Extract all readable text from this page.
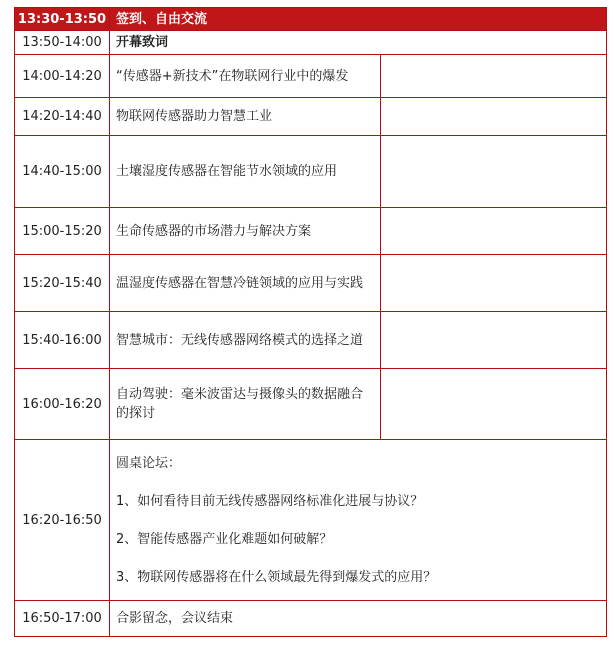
13:30-13:50	签到、自由交流	
13:50-14:00	开幕致词	
14:00-14:20	“传感器+新技术”在物联网行业中的爆发	
14:20-14:40	物联网传感器助力智慧工业	
14:40-15:00	土壤湿度传感器在智能节水领域的应用	
15:00-15:20	生命传感器的市场潜力与解决方案	
15:20-15:40	温湿度传感器在智慧冷链领域的应用与实践	
15:40-16:00	智慧城市：无线传感器网络模式的选择之道	
16:00-16:20	自动驾驶：毫米波雷达与摄像头的数据融合的探讨	
16:20-16:50	圆桌论坛：

1、如何看待目前无线传感器网络标准化进展与协议？

2、智能传感器产业化难题如何破解？

3、物联网传感器将在什么领域最先得到爆发式的应用？	

16:50-17:00	合影留念，会议结束	
